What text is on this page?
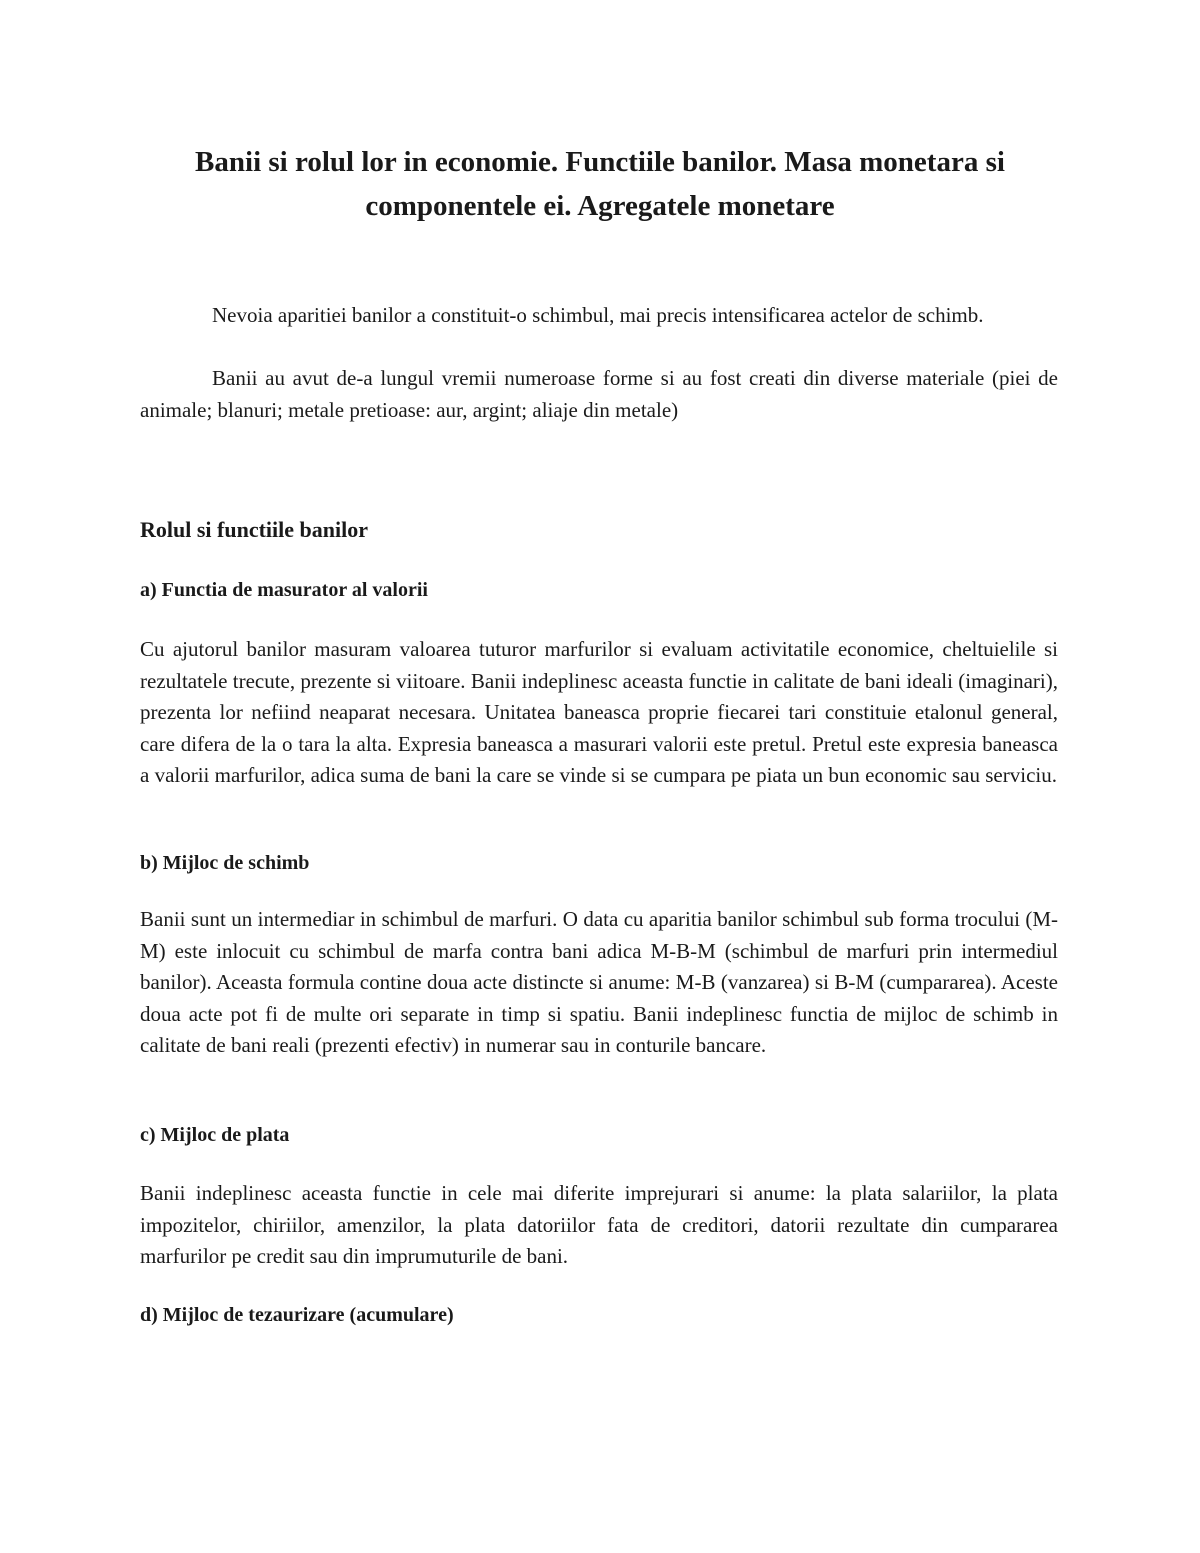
Banii si rolul lor in economie. Functiile banilor. Masa monetara si componentele ei. Agregatele monetare

Nevoia aparitiei banilor a constituit-o schimbul, mai precis intensificarea actelor de schimb.

Banii au avut de-a lungul vremii numeroase forme si au fost creati din diverse materiale (piei de animale; blanuri; metale pretioase: aur, argint; aliaje din metale)

Rolul si functiile banilor
a) Functia de masurator al valorii

Cu ajutorul banilor masuram valoarea tuturor marfurilor si evaluam activitatile economice, cheltuielile si rezultatele trecute, prezente si viitoare. Banii indeplinesc aceasta functie in calitate de bani ideali (imaginari), prezenta lor nefiind neaparat necesara. Unitatea baneasca proprie fiecarei tari constituie etalonul general, care difera de la o tara la alta. Expresia baneasca a masurari valorii este pretul. Pretul este expresia baneasca a valorii marfurilor, adica suma de bani la care se vinde si se cumpara pe piata un bun economic sau serviciu.

b) Mijloc de schimb

Banii sunt un intermediar in schimbul de marfuri. O data cu aparitia banilor schimbul sub forma trocului (M-M) este inlocuit cu schimbul de marfa contra bani adica M-B-M (schimbul de marfuri prin intermediul banilor). Aceasta formula contine doua acte distincte si anume: M-B (vanzarea) si B-M (cumpararea). Aceste doua acte pot fi de multe ori separate in timp si spatiu. Banii indeplinesc functia de mijloc de schimb in calitate de bani reali (prezenti efectiv) in numerar sau in conturile bancare.

c) Mijloc de plata

Banii indeplinesc aceasta functie in cele mai diferite imprejurari si anume: la plata salariilor, la plata impozitelor, chiriilor, amenzilor, la plata datoriilor fata de creditori, datorii rezultate din cumpararea marfurilor pe credit sau din imprumuturile de bani.

d) Mijloc de tezaurizare (acumulare)
